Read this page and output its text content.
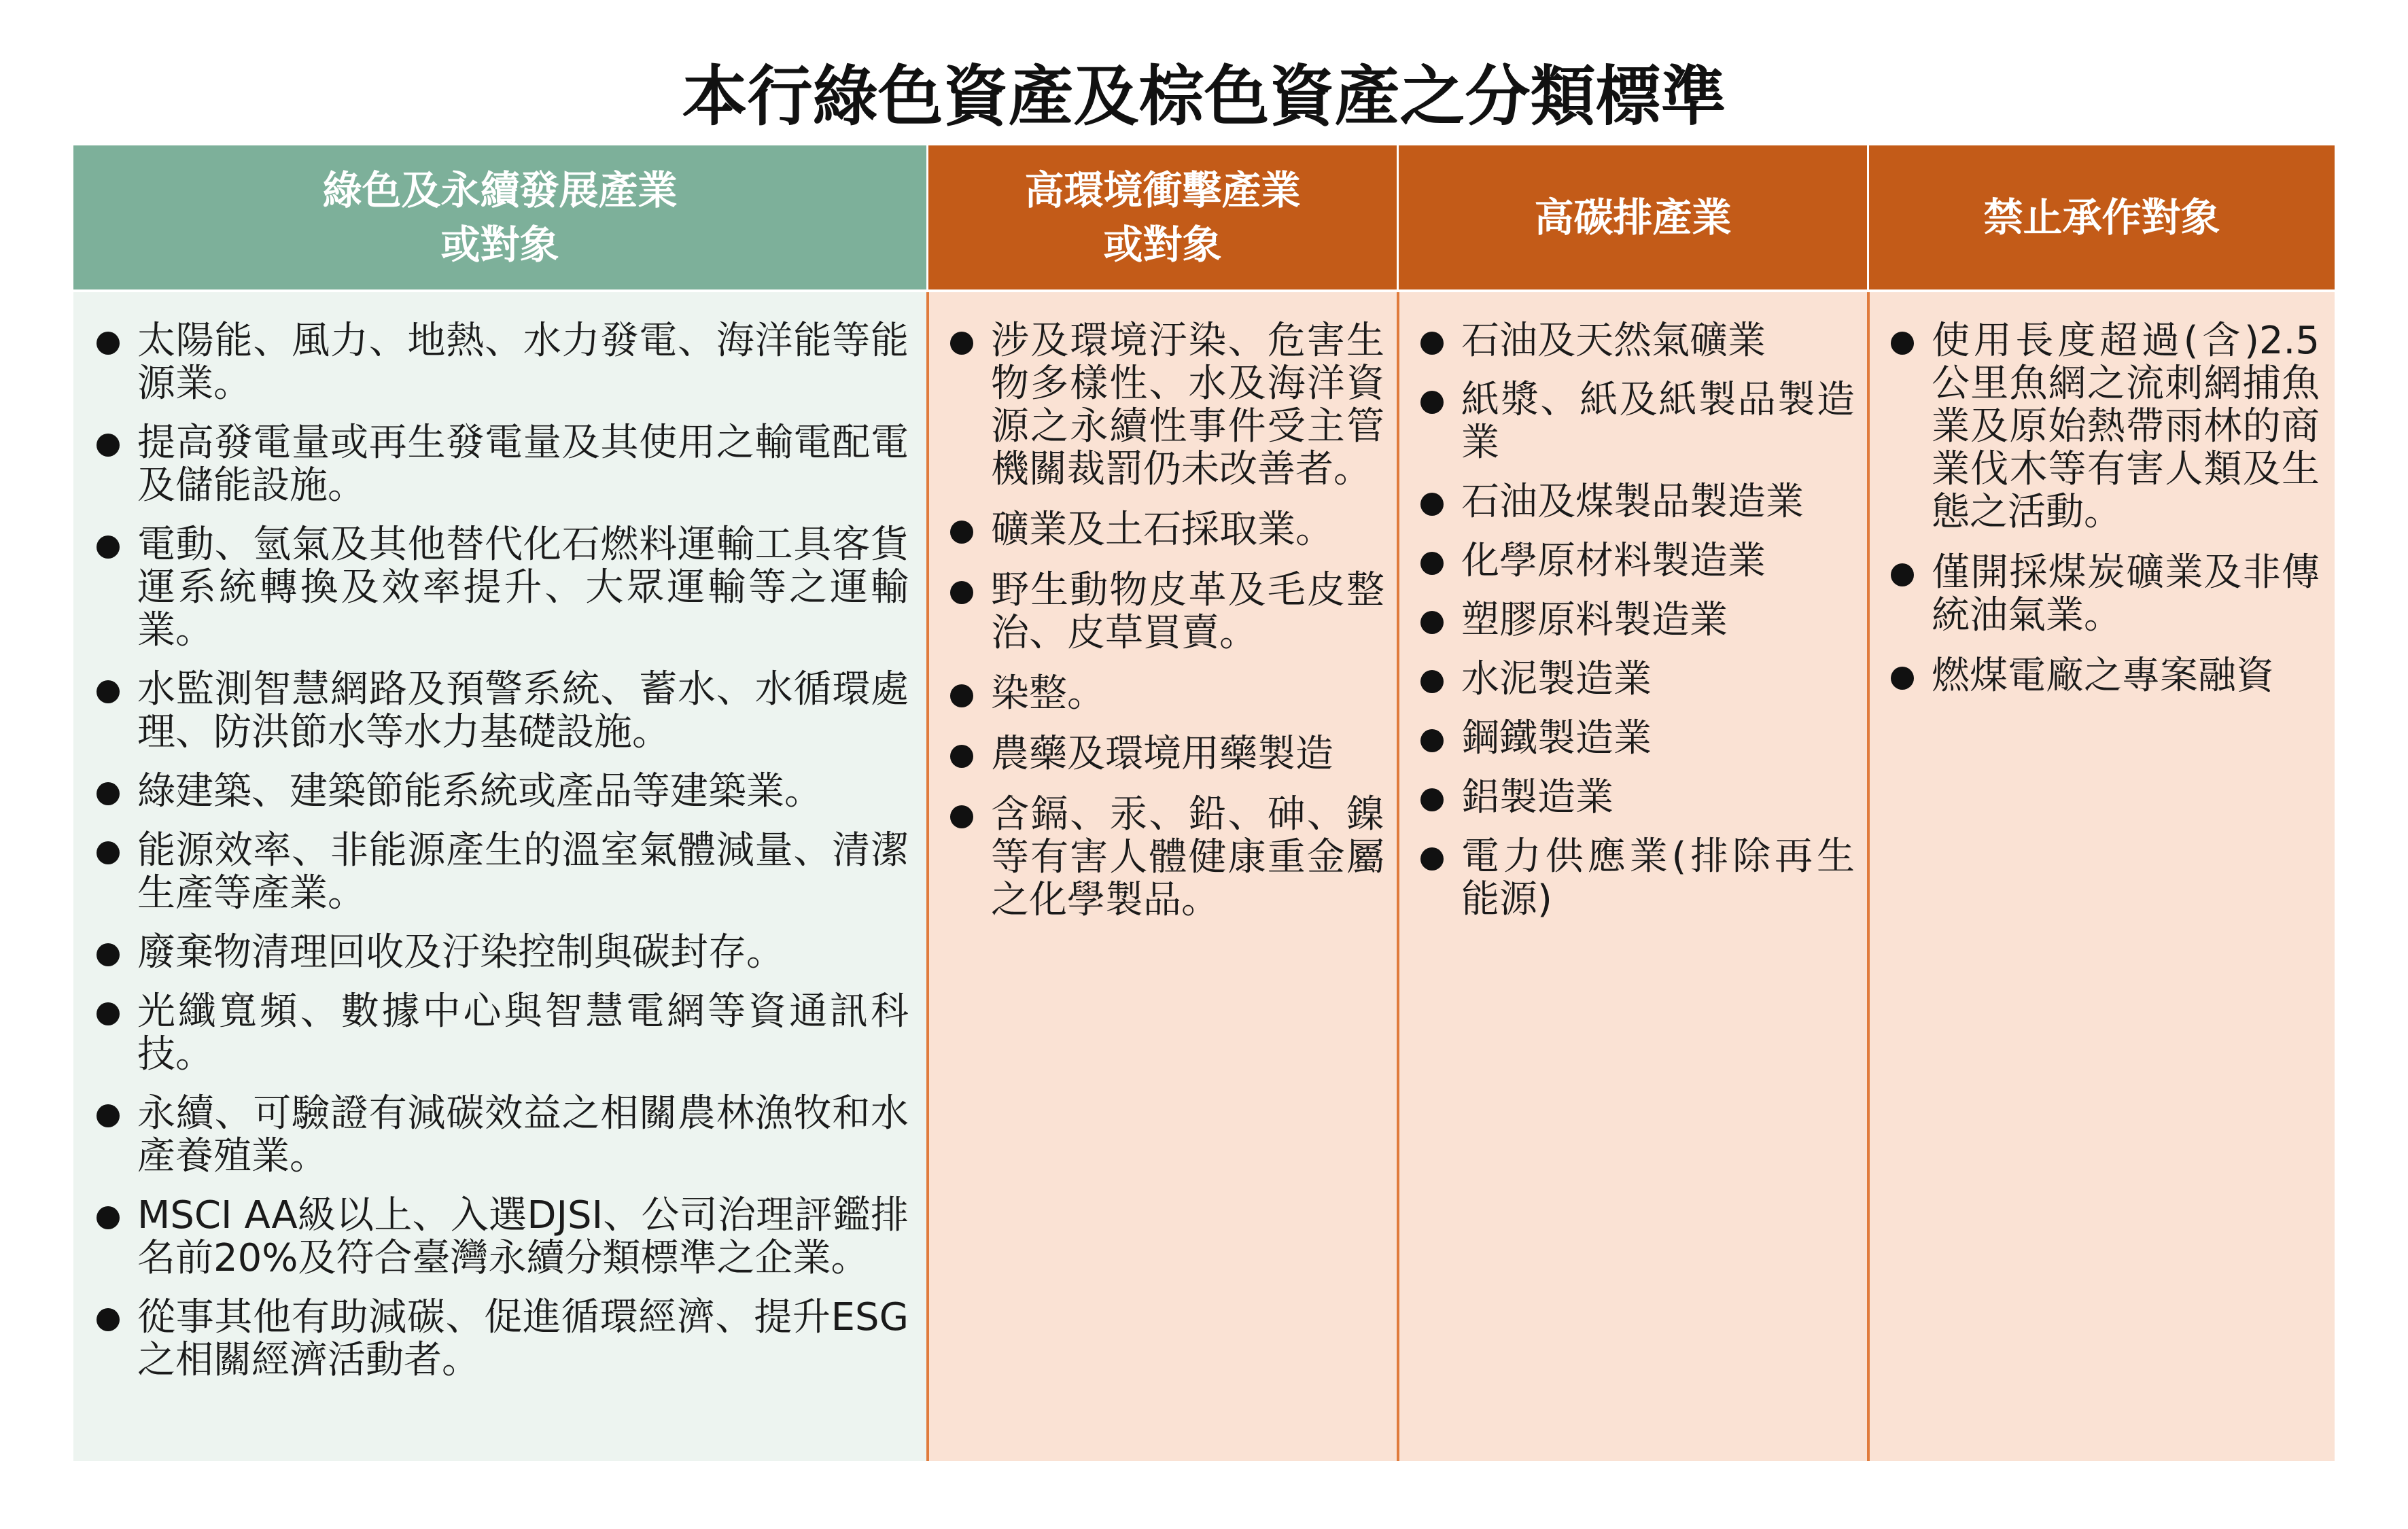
本行綠色資產及棕色資產之分類標準
綠色及永續發展產業
或對象
太陽能、風力、地熱、水力發電、海洋能等能源業。
提高發電量或再生發電量及其使用之輸電配電及儲能設施。
電動、氫氣及其他替代化石燃料運輸工具客貨運系統轉換及效率提升、大眾運輸等之運輸業。
水監測智慧網路及預警系統、蓄水、水循環處理、防洪節水等水力基礎設施。
綠建築、建築節能系統或產品等建築業。
能源效率、非能源產生的溫室氣體減量、清潔生產等產業。
廢棄物清理回收及汙染控制與碳封存。
光纖寬頻、數據中心與智慧電網等資通訊科技。
永續、可驗證有減碳效益之相關農林漁牧和水產養殖業。
MSCI AA級以上、入選DJSI、公司治理評鑑排名前20%及符合臺灣永續分類標準之企業。
從事其他有助減碳、促進循環經濟、提升ESG之相關經濟活動者。
高環境衝擊產業
或對象
涉及環境汙染、危害生物多樣性、水及海洋資源之永續性事件受主管機關裁罰仍未改善者。
礦業及土石採取業。
野生動物皮革及毛皮整治、皮草買賣。
染整。
農藥及環境用藥製造
含鎘、汞、鉛、砷、鎳等有害人體健康重金屬之化學製品。
高碳排產業
石油及天然氣礦業
紙漿、紙及紙製品製造業
石油及煤製品製造業
化學原材料製造業
塑膠原料製造業
水泥製造業
鋼鐵製造業
鋁製造業
電力供應業(排除再生能源)
禁止承作對象
使用長度超過(含)2.5公里魚網之流刺網捕魚業及原始熱帶雨林的商業伐木等有害人類及生態之活動。
僅開採煤炭礦業及非傳統油氣業。
燃煤電廠之專案融資
